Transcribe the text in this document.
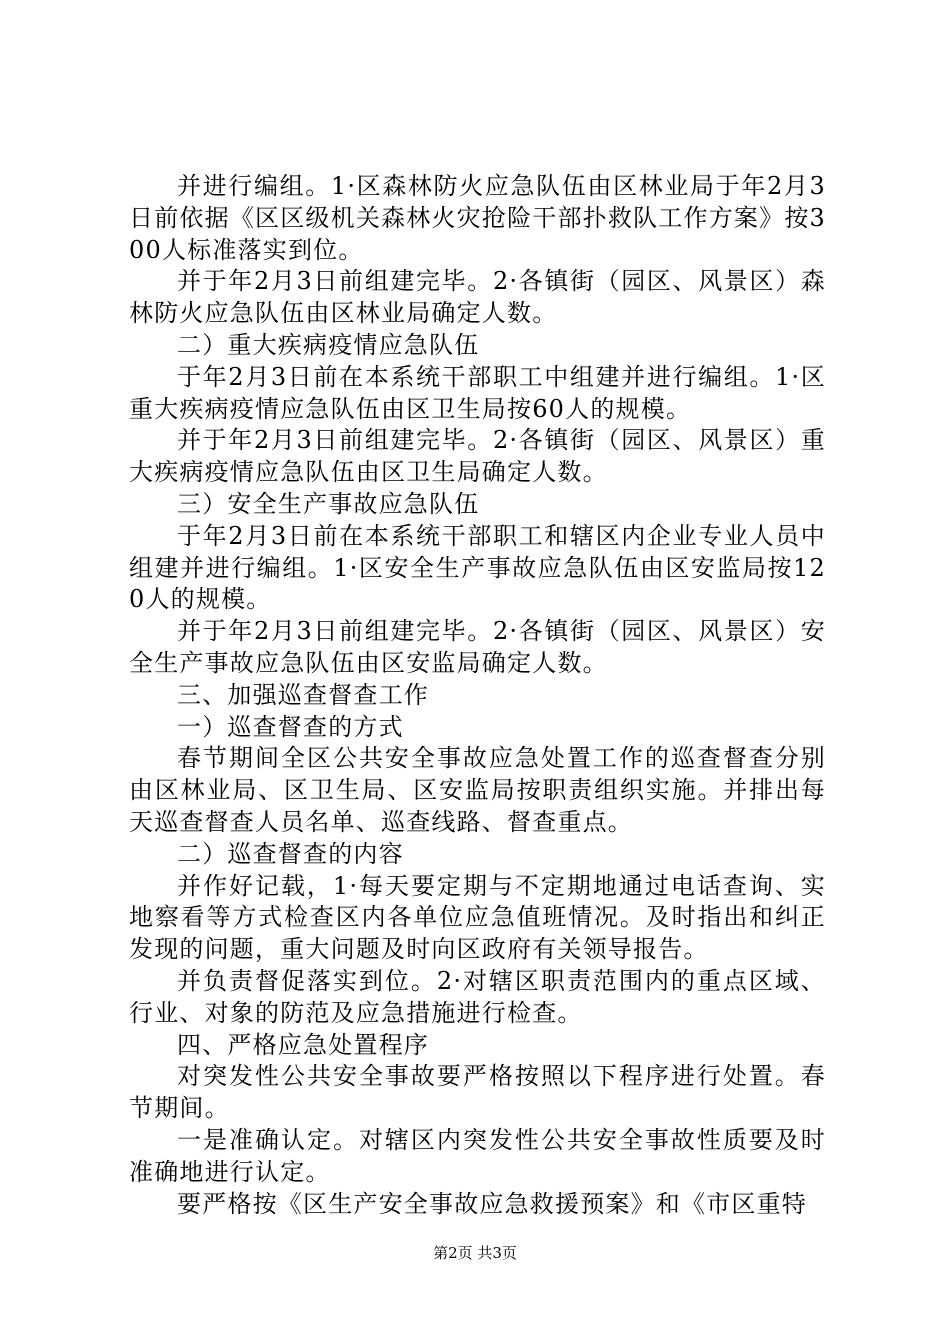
并进行编组。1·区森林防火应急队伍由区林业局于年2月3日前依据《区区级机关森林火灾抢险干部扑救队工作方案》按300人标准落实到位。

并于年2月3日前组建完毕。2·各镇街（园区、风景区）森林防火应急队伍由区林业局确定人数。

二）重大疾病疫情应急队伍

于年2月3日前在本系统干部职工中组建并进行编组。1·区重大疾病疫情应急队伍由区卫生局按60人的规模。

并于年2月3日前组建完毕。2·各镇街（园区、风景区）重大疾病疫情应急队伍由区卫生局确定人数。

三）安全生产事故应急队伍

于年2月3日前在本系统干部职工和辖区内企业专业人员中组建并进行编组。1·区安全生产事故应急队伍由区安监局按120人的规模。

并于年2月3日前组建完毕。2·各镇街（园区、风景区）安全生产事故应急队伍由区安监局确定人数。

三、加强巡查督查工作

一）巡查督查的方式

春节期间全区公共安全事故应急处置工作的巡查督查分别由区林业局、区卫生局、区安监局按职责组织实施。并排出每天巡查督查人员名单、巡查线路、督查重点。

二）巡查督查的内容

并作好记载，1·每天要定期与不定期地通过电话查询、实地察看等方式检查区内各单位应急值班情况。及时指出和纠正发现的问题，重大问题及时向区政府有关领导报告。

并负责督促落实到位。2·对辖区职责范围内的重点区域、行业、对象的防范及应急措施进行检查。

四、严格应急处置程序

对突发性公共安全事故要严格按照以下程序进行处置。春节期间。

一是准确认定。对辖区内突发性公共安全事故性质要及时准确地进行认定。

要严格按《区生产安全事故应急救援预案》和《市区重特

第2页 共3页
